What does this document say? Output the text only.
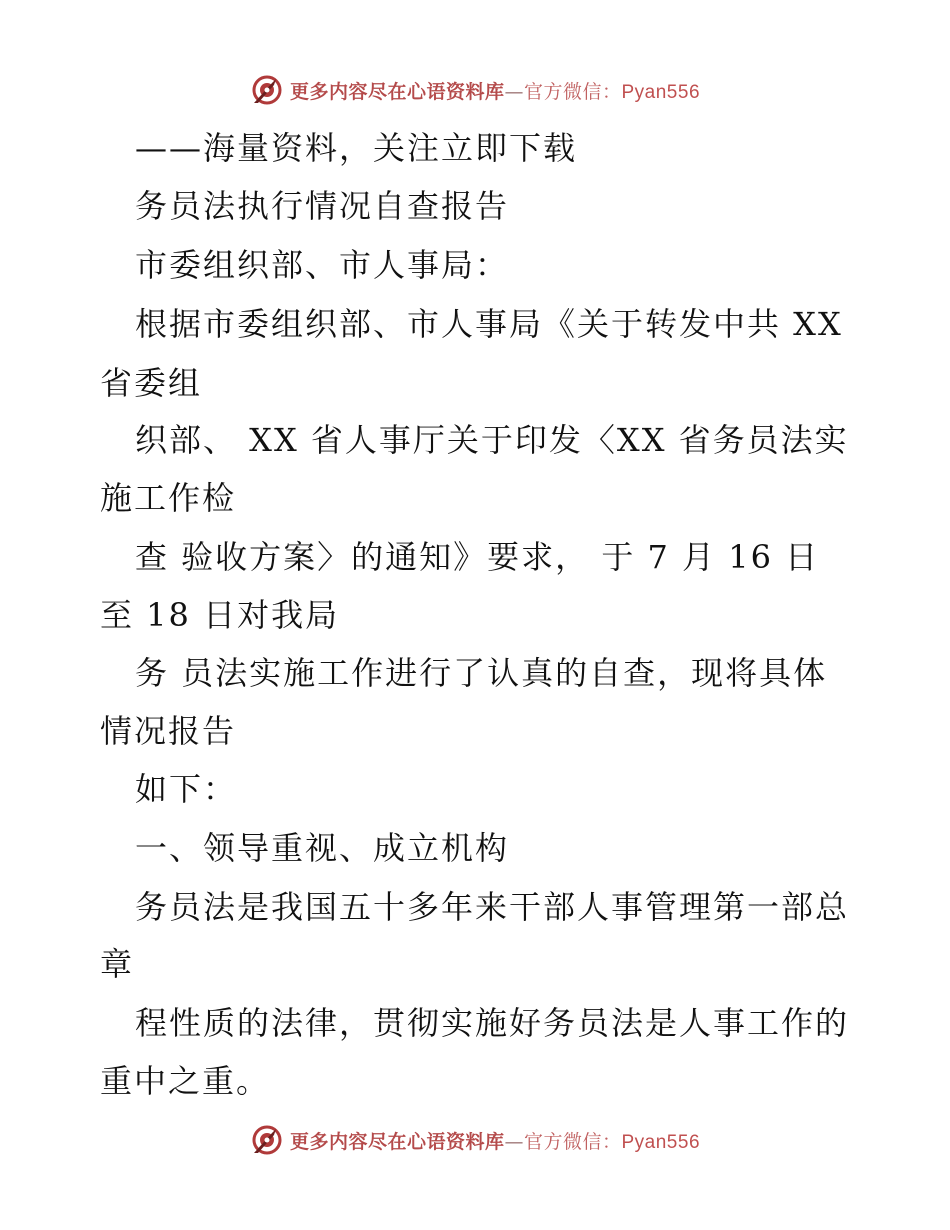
更多内容尽在心语资料库—官方微信：Pyan556
——海量资料，关注立即下载
务员法执行情况自查报告
市委组织部、市人事局：
根据市委组织部、市人事局《关于转发中共 XX
省委组
织部、 XX 省人事厅关于印发〈XX 省务员法实
施工作检
查 验收方案〉的通知》要求， 于 7 月 16 日
至 18 日对我局
务 员法实施工作进行了认真的自查，现将具体
情况报告
如下：
一、领导重视、成立机构
务员法是我国五十多年来干部人事管理第一部总
章
程性质的法律，贯彻实施好务员法是人事工作的
重中之重。
更多内容尽在心语资料库—官方微信：Pyan556
